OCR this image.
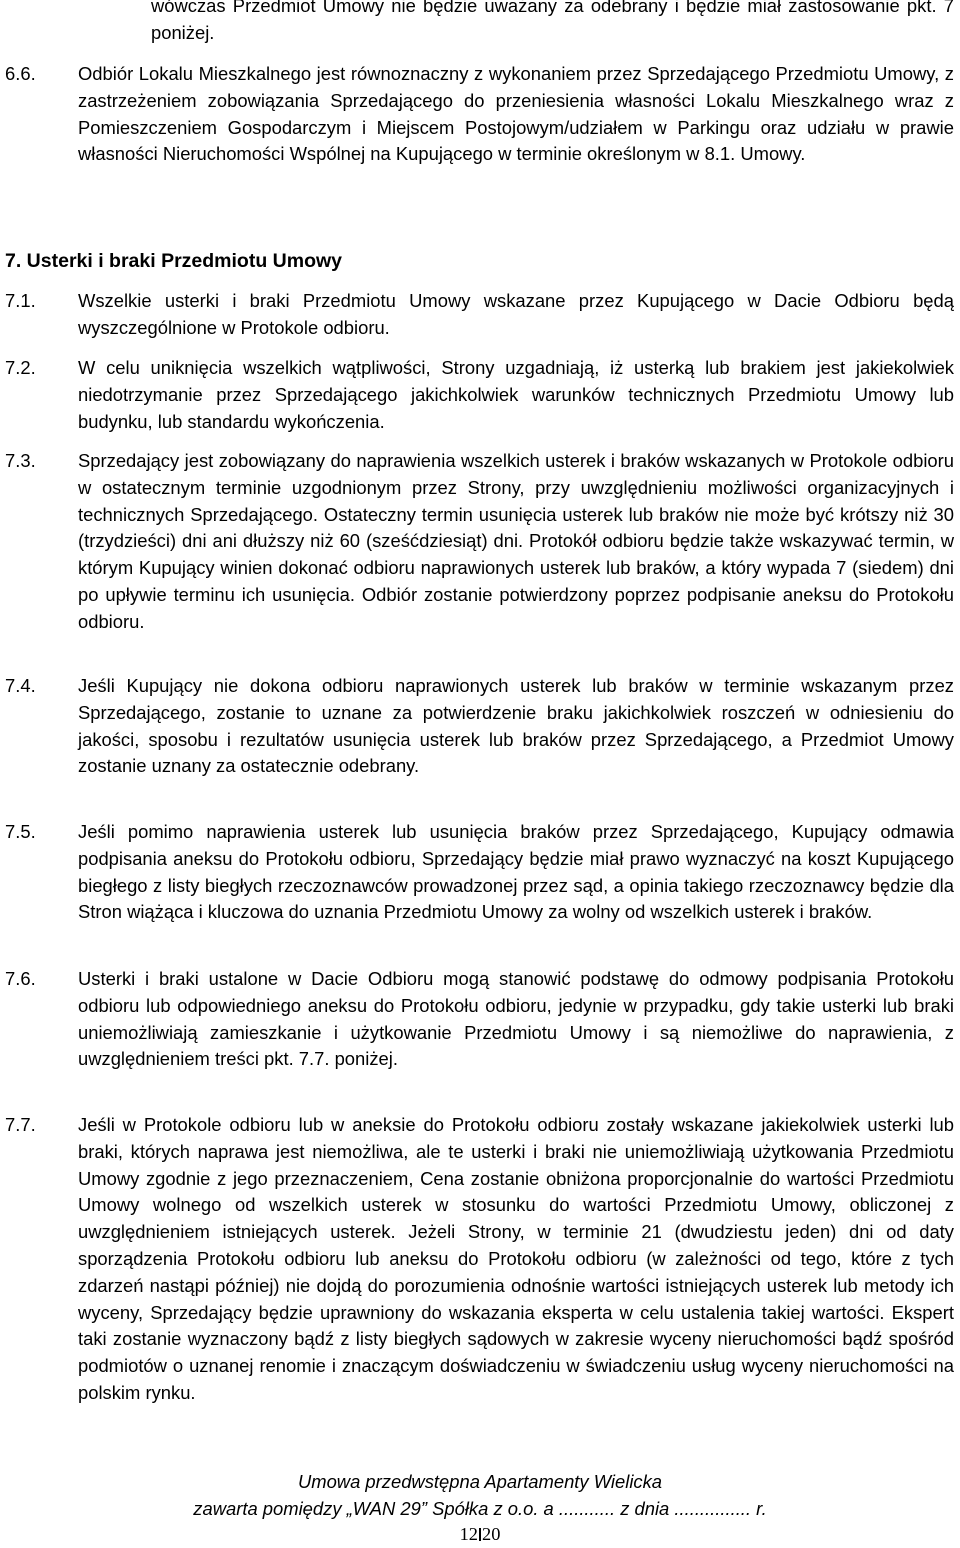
wówczas Przedmiot Umowy nie będzie uważany za odebrany i będzie miał zastosowanie pkt. 7 poniżej.
6.6. Odbiór Lokalu Mieszkalnego jest równoznaczny z wykonaniem przez Sprzedającego Przedmiotu Umowy, z zastrzeżeniem zobowiązania Sprzedającego do przeniesienia własności Lokalu Mieszkalnego wraz z Pomieszczeniem Gospodarczym i Miejscem Postojowym/udziałem w Parkingu oraz udziału w prawie własności Nieruchomości Wspólnej na Kupującego w terminie określonym w 8.1. Umowy.
7. Usterki i braki Przedmiotu Umowy
7.1. Wszelkie usterki i braki Przedmiotu Umowy wskazane przez Kupującego w Dacie Odbioru będą wyszczególnione w Protokole odbioru.
7.2. W celu uniknięcia wszelkich wątpliwości, Strony uzgadniają, iż usterką lub brakiem jest jakiekolwiek niedotrzymanie przez Sprzedającego jakichkolwiek warunków technicznych Przedmiotu Umowy lub budynku, lub standardu wykończenia.
7.3. Sprzedający jest zobowiązany do naprawienia wszelkich usterek i braków wskazanych w Protokole odbioru w ostatecznym terminie uzgodnionym przez Strony, przy uwzględnieniu możliwości organizacyjnych i technicznych Sprzedającego. Ostateczny termin usunięcia usterek lub braków nie może być krótszy niż 30 (trzydzieści) dni ani dłuższy niż 60 (sześćdziesiąt) dni. Protokół odbioru będzie także wskazywać termin, w którym Kupujący winien dokonać odbioru naprawionych usterek lub braków, a który wypada 7 (siedem) dni po upływie terminu ich usunięcia. Odbiór zostanie potwierdzony poprzez podpisanie aneksu do Protokołu odbioru.
7.4. Jeśli Kupujący nie dokona odbioru naprawionych usterek lub braków w terminie wskazanym przez Sprzedającego, zostanie to uznane za potwierdzenie braku jakichkolwiek roszczeń w odniesieniu do jakości, sposobu i rezultatów usunięcia usterek lub braków przez Sprzedającego, a Przedmiot Umowy zostanie uznany za ostatecznie odebrany.
7.5. Jeśli pomimo naprawienia usterek lub usunięcia braków przez Sprzedającego, Kupujący odmawia podpisania aneksu do Protokołu odbioru, Sprzedający będzie miał prawo wyznaczyć na koszt Kupującego biegłego z listy biegłych rzeczoznawców prowadzonej przez sąd, a opinia takiego rzeczoznawcy będzie dla Stron wiążąca i kluczowa do uznania Przedmiotu Umowy za wolny od wszelkich usterek i braków.
7.6. Usterki i braki ustalone w Dacie Odbioru mogą stanowić podstawę do odmowy podpisania Protokołu odbioru lub odpowiedniego aneksu do Protokołu odbioru, jedynie w przypadku, gdy takie usterki lub braki uniemożliwiają zamieszkanie i użytkowanie Przedmiotu Umowy i są niemożliwe do naprawienia, z uwzględnieniem treści pkt. 7.7. poniżej.
7.7. Jeśli w Protokole odbioru lub w aneksie do Protokołu odbioru zostały wskazane jakiekolwiek usterki lub braki, których naprawa jest niemożliwa, ale te usterki i braki nie uniemożliwiają użytkowania Przedmiotu Umowy zgodnie z jego przeznaczeniem, Cena zostanie obniżona proporcjonalnie do wartości Przedmiotu Umowy wolnego od wszelkich usterek w stosunku do wartości Przedmiotu Umowy, obliczonej z uwzględnieniem istniejących usterek. Jeżeli Strony, w terminie 21 (dwudziestu jeden) dni od daty sporządzenia Protokołu odbioru lub aneksu do Protokołu odbioru (w zależności od tego, które z tych zdarzeń nastąpi później) nie dojdą do porozumienia odnośnie wartości istniejących usterek lub metody ich wyceny, Sprzedający będzie uprawniony do wskazania eksperta w celu ustalenia takiej wartości. Ekspert taki zostanie wyznaczony bądź z listy biegłych sądowych w zakresie wyceny nieruchomości bądź spośród podmiotów o uznanej renomie i znaczącym doświadczeniu w świadczeniu usług wyceny nieruchomości na polskim rynku.
Umowa przedwstępna Apartamenty Wielicka
zawarta pomiędzy „WAN 29” Spółka z o.o. a ........... z dnia ............... r.
12 20
